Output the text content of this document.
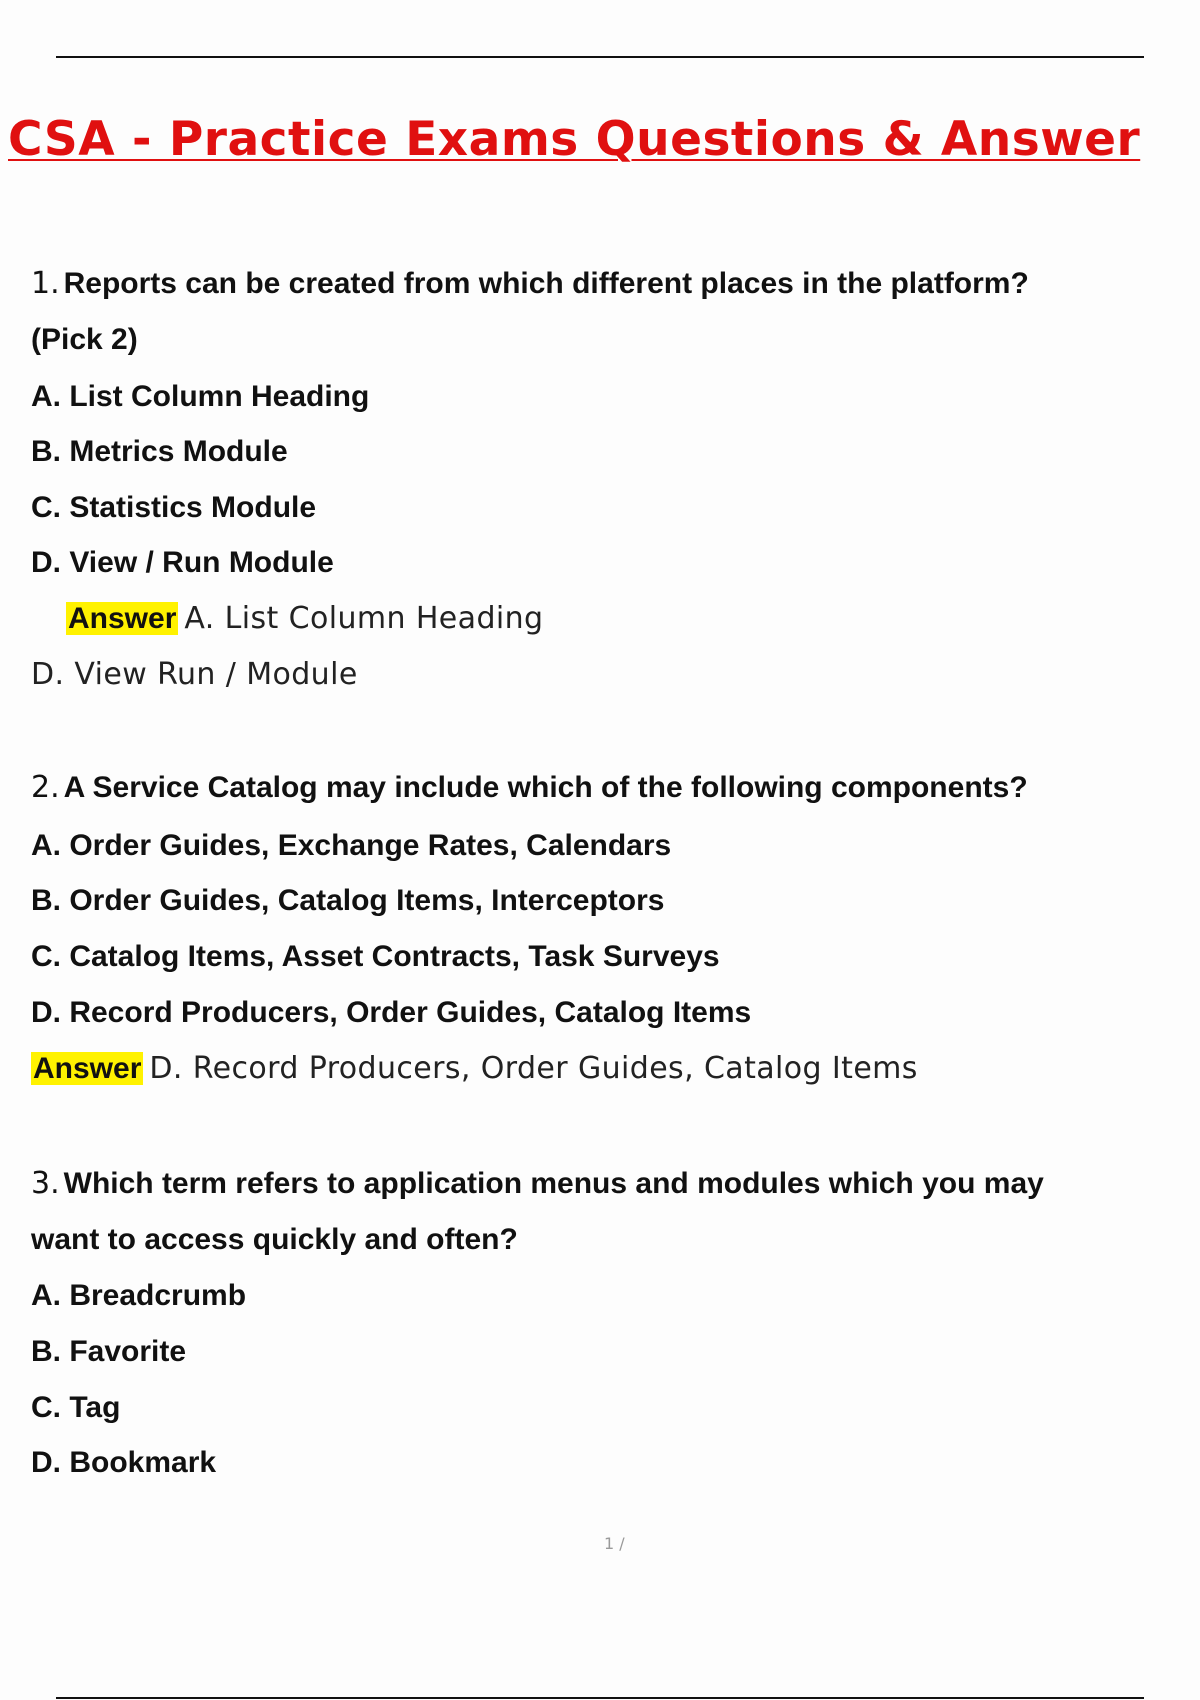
CSA - Practice Exams Questions & Answer
1. Reports can be created from which different places in the platform?
(Pick 2)
A. List Column Heading
B. Metrics Module
C. Statistics Module
D. View / Run Module
Answer A. List Column Heading
D. View Run / Module
2. A Service Catalog may include which of the following components?
A. Order Guides, Exchange Rates, Calendars
B. Order Guides, Catalog Items, Interceptors
C. Catalog Items, Asset Contracts, Task Surveys
D. Record Producers, Order Guides, Catalog Items
Answer D. Record Producers, Order Guides, Catalog Items
3. Which term refers to application menus and modules which you may
want to access quickly and often?
A. Breadcrumb
B. Favorite
C. Tag
D. Bookmark
1 /
